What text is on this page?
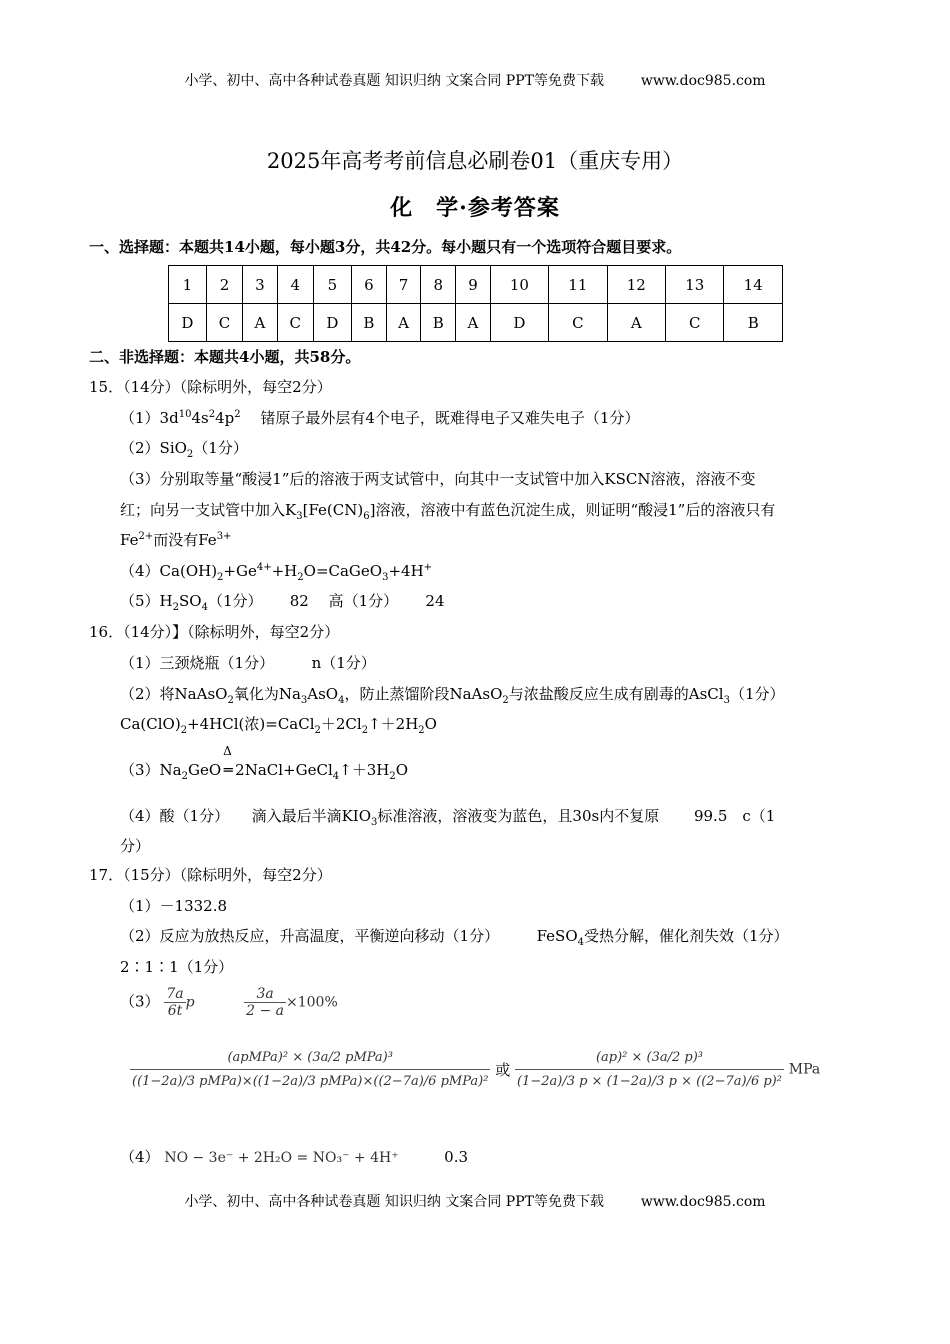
小学、初中、高中各种试卷真题 知识归纳 文案合同 PPT等免费下载	www.doc985.com
2025年高考考前信息必刷卷01（重庆专用）
化　学·参考答案
一、选择题：本题共14小题，每小题3分，共42分。每小题只有一个选项符合题目要求。
1	2	3	4	5	6	7	8	9	10	11	12	13	14
D	C	A	C	D	B	A	B	A	D	C	A	C	B
二、非选择题：本题共4小题，共58分。
15．（14分）（除标明外，每空2分）
$(1)3d^{10}4s^24p^2$　 锗原子最外层有4个电子，既难得电子又难失电子（1分）
（2）SiO$_2$（1分）
（3）分别取等量“酸浸1”后的溶液于两支试管中，向其中一支试管中加入KSCN溶液，溶液不变
红；向另一支试管中加入$K_3[Fe(CN)_6]$溶液，溶液中有蓝色沉淀生成，则证明“酸浸1”后的溶液只有
$Fe^{2+}$而没有$Fe^{3+}$
$(4)Ca(OH)_2+Ge^{4+}+H_2O=CaGeO_3+4H^+$
$(5)H_2SO_4(1$分）　　 82　 高（1分）　　 24
16．（14分）】（除标明外，每空2分）
（1）三颈烧瓶（1分）　　　n（1分）
（2）将NaAsO$_2$氧化为$Na_3AsO_4$，防止蒸馏阶段NaAsO$_2$与浓盐酸反应生成有剧毒的AsCl$_3$（1分）
$Ca(ClO)_2+4HCl$(浓)$=CaCl_2+2Cl_2↑+2H_2O$
$(3)Na_2GeO$
Δ
═ $2NaCl+GeCl_4↑+3H_2O$
（4）酸（1分）　　滴入最后半滴$KIO_3$标准溶液，溶液变为蓝色，且30s内不复原　　 99.5　c（1
分）
17．（15分）（除标明外，每空2分）
（1）－1332.8
（2）反应为放热反应，升高温度，平衡逆向移动（1分）　　　FeSO$_4$受热分解，催化剂失效（1分）
2∶1∶1（1分）
$(3) \frac{7a}{6t}$ p	$\frac{3a}{2 - a} \times 100\%$
$\frac{\text{(apMPa)² × (3a/2 pMPa)³}}{\text{((1−2a)/3 pMPa)×((1−2a)/3 pMPa)×((2−7a)/6 pMPa)²}}$ 或 $\frac{\text{(ap)² × (3a/2 p)³}}{\text{(1−2a)/3 p × (1−2a)/3 p × ((2−7a)/6 p)²}}$ MPa
（4） NO − 3e⁻ + 2H₂O = NO₃⁻ + 4H⁺	0.3
小学、初中、高中各种试卷真题 知识归纳 文案合同 PPT等免费下载	www.doc985.com
